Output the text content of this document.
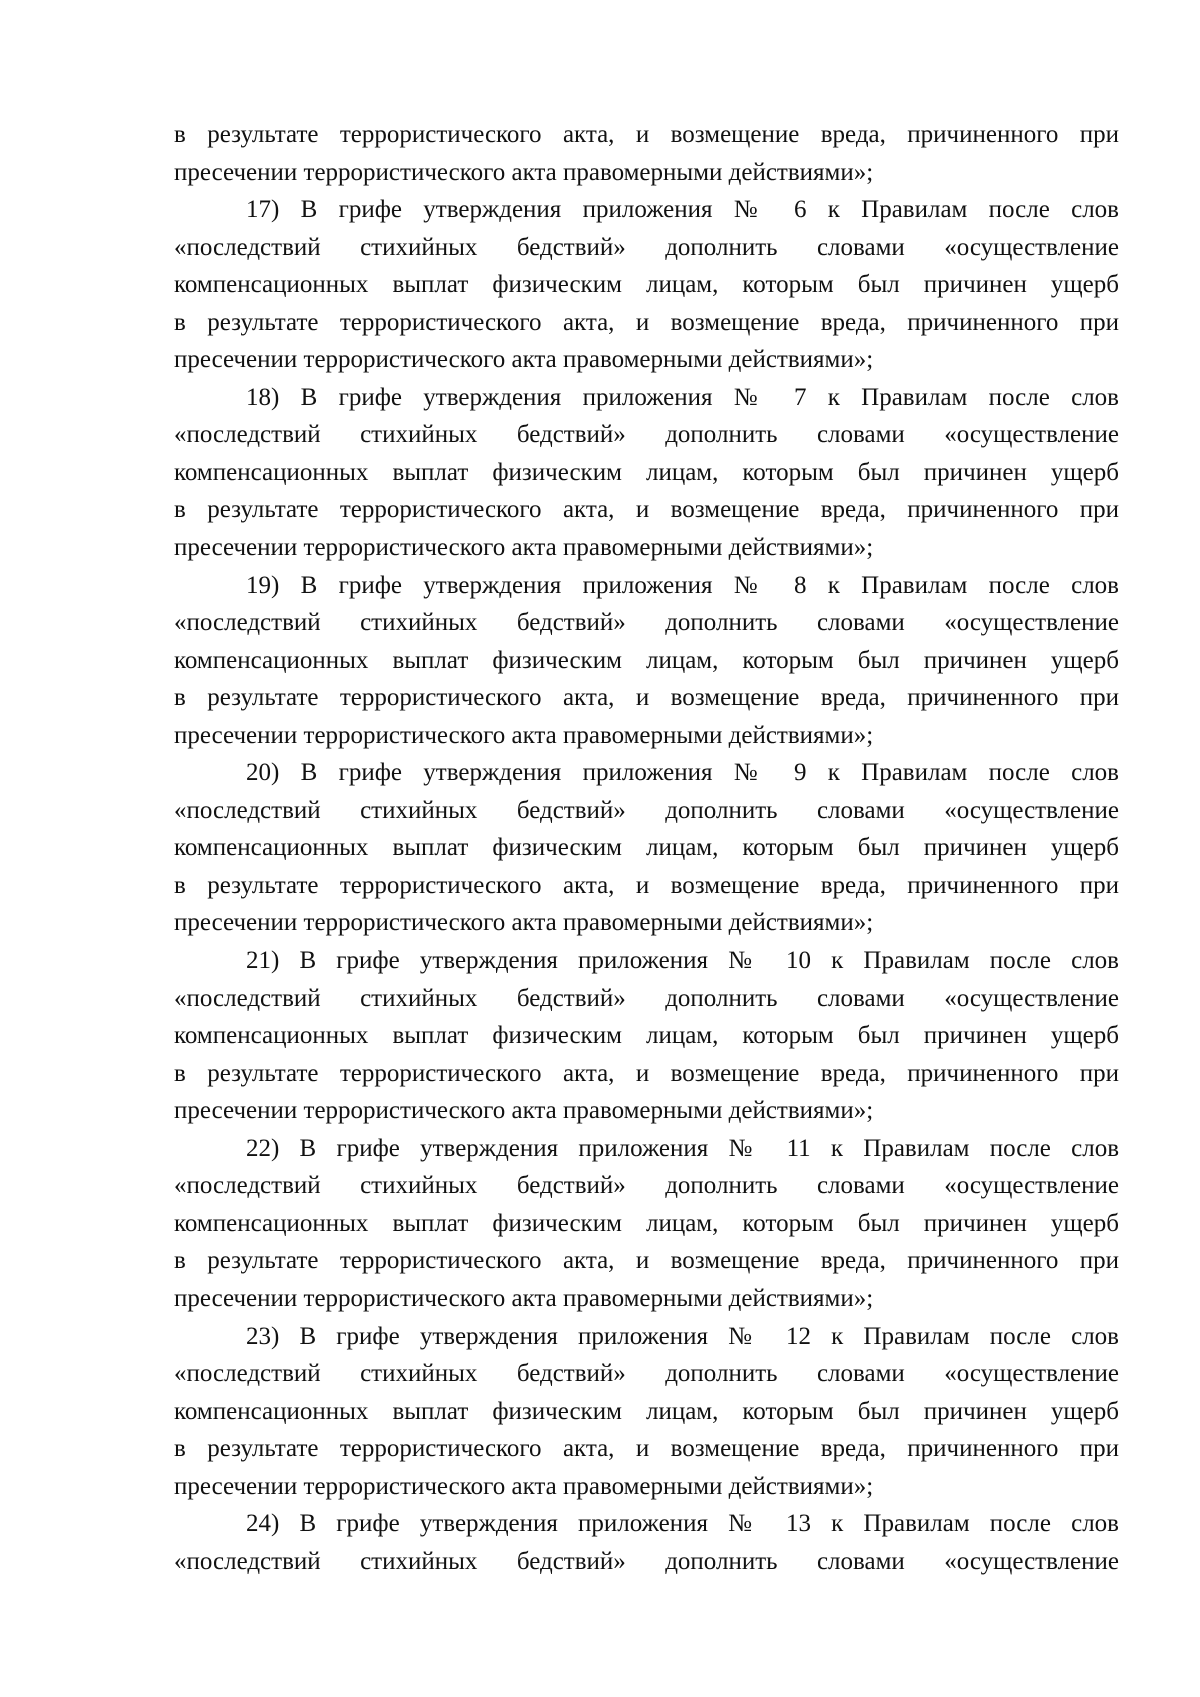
в результате террористического акта, и возмещение вреда, причиненного при
пресечении террористического акта правомерными действиями»;
17) В грифе утверждения приложения № 6 к Правилам после слов
«последствий стихийных бедствий» дополнить словами «осуществление
компенсационных выплат физическим лицам, которым был причинен ущерб
в результате террористического акта, и возмещение вреда, причиненного при
пресечении террористического акта правомерными действиями»;
18) В грифе утверждения приложения № 7 к Правилам после слов
«последствий стихийных бедствий» дополнить словами «осуществление
компенсационных выплат физическим лицам, которым был причинен ущерб
в результате террористического акта, и возмещение вреда, причиненного при
пресечении террористического акта правомерными действиями»;
19) В грифе утверждения приложения № 8 к Правилам после слов
«последствий стихийных бедствий» дополнить словами «осуществление
компенсационных выплат физическим лицам, которым был причинен ущерб
в результате террористического акта, и возмещение вреда, причиненного при
пресечении террористического акта правомерными действиями»;
20) В грифе утверждения приложения № 9 к Правилам после слов
«последствий стихийных бедствий» дополнить словами «осуществление
компенсационных выплат физическим лицам, которым был причинен ущерб
в результате террористического акта, и возмещение вреда, причиненного при
пресечении террористического акта правомерными действиями»;
21) В грифе утверждения приложения № 10 к Правилам после слов
«последствий стихийных бедствий» дополнить словами «осуществление
компенсационных выплат физическим лицам, которым был причинен ущерб
в результате террористического акта, и возмещение вреда, причиненного при
пресечении террористического акта правомерными действиями»;
22) В грифе утверждения приложения № 11 к Правилам после слов
«последствий стихийных бедствий» дополнить словами «осуществление
компенсационных выплат физическим лицам, которым был причинен ущерб
в результате террористического акта, и возмещение вреда, причиненного при
пресечении террористического акта правомерными действиями»;
23) В грифе утверждения приложения № 12 к Правилам после слов
«последствий стихийных бедствий» дополнить словами «осуществление
компенсационных выплат физическим лицам, которым был причинен ущерб
в результате террористического акта, и возмещение вреда, причиненного при
пресечении террористического акта правомерными действиями»;
24) В грифе утверждения приложения № 13 к Правилам после слов
«последствий стихийных бедствий» дополнить словами «осуществление
